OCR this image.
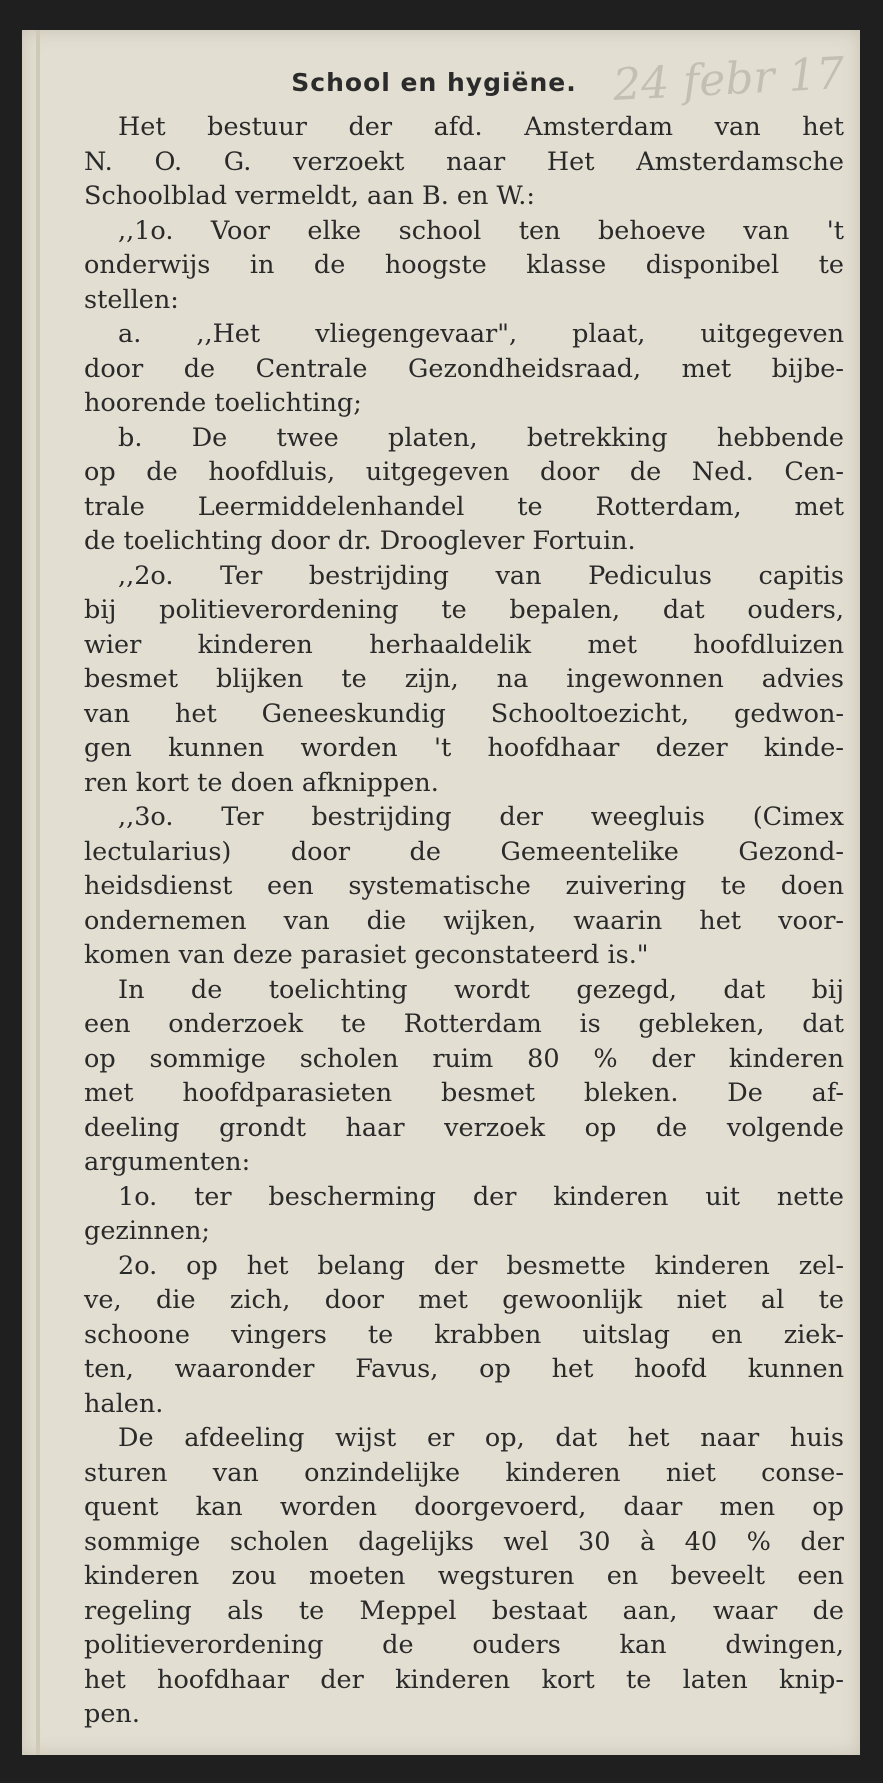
School en hygiëne. 24 febr 17
Het bestuur der afd. Amsterdam van het
N. O. G. verzoekt naar Het Amsterdamsche
Schoolblad vermeldt, aan B. en W.:
,,1o. Voor elke school ten behoeve van 't
onderwijs in de hoogste klasse disponibel te
stellen:
a. ,,Het vliegengevaar", plaat, uitgegeven
door de Centrale Gezondheidsraad, met bijbe-
hoorende toelichting;
b. De twee platen, betrekking hebbende
op de hoofdluis, uitgegeven door de Ned. Cen-
trale Leermiddelenhandel te Rotterdam, met
de toelichting door dr. Drooglever Fortuin.
,,2o. Ter bestrijding van Pediculus capitis
bij politieverordening te bepalen, dat ouders,
wier kinderen herhaaldelik met hoofdluizen
besmet blijken te zijn, na ingewonnen advies
van het Geneeskundig Schooltoezicht, gedwon-
gen kunnen worden 't hoofdhaar dezer kinde-
ren kort te doen afknippen.
,,3o. Ter bestrijding der weegluis (Cimex
lectularius) door de Gemeentelike Gezond-
heidsdienst een systematische zuivering te doen
ondernemen van die wijken, waarin het voor-
komen van deze parasiet geconstateerd is."
In de toelichting wordt gezegd, dat bij
een onderzoek te Rotterdam is gebleken, dat
op sommige scholen ruim 80 % der kinderen
met hoofdparasieten besmet bleken. De af-
deeling grondt haar verzoek op de volgende
argumenten:
1o. ter bescherming der kinderen uit nette
gezinnen;
2o. op het belang der besmette kinderen zel-
ve, die zich, door met gewoonlijk niet al te
schoone vingers te krabben uitslag en ziek-
ten, waaronder Favus, op het hoofd kunnen
halen.
De afdeeling wijst er op, dat het naar huis
sturen van onzindelijke kinderen niet conse-
quent kan worden doorgevoerd, daar men op
sommige scholen dagelijks wel 30 à 40 % der
kinderen zou moeten wegsturen en beveelt een
regeling als te Meppel bestaat aan, waar de
politieverordening de ouders kan dwingen,
het hoofdhaar der kinderen kort te laten knip-
pen.
